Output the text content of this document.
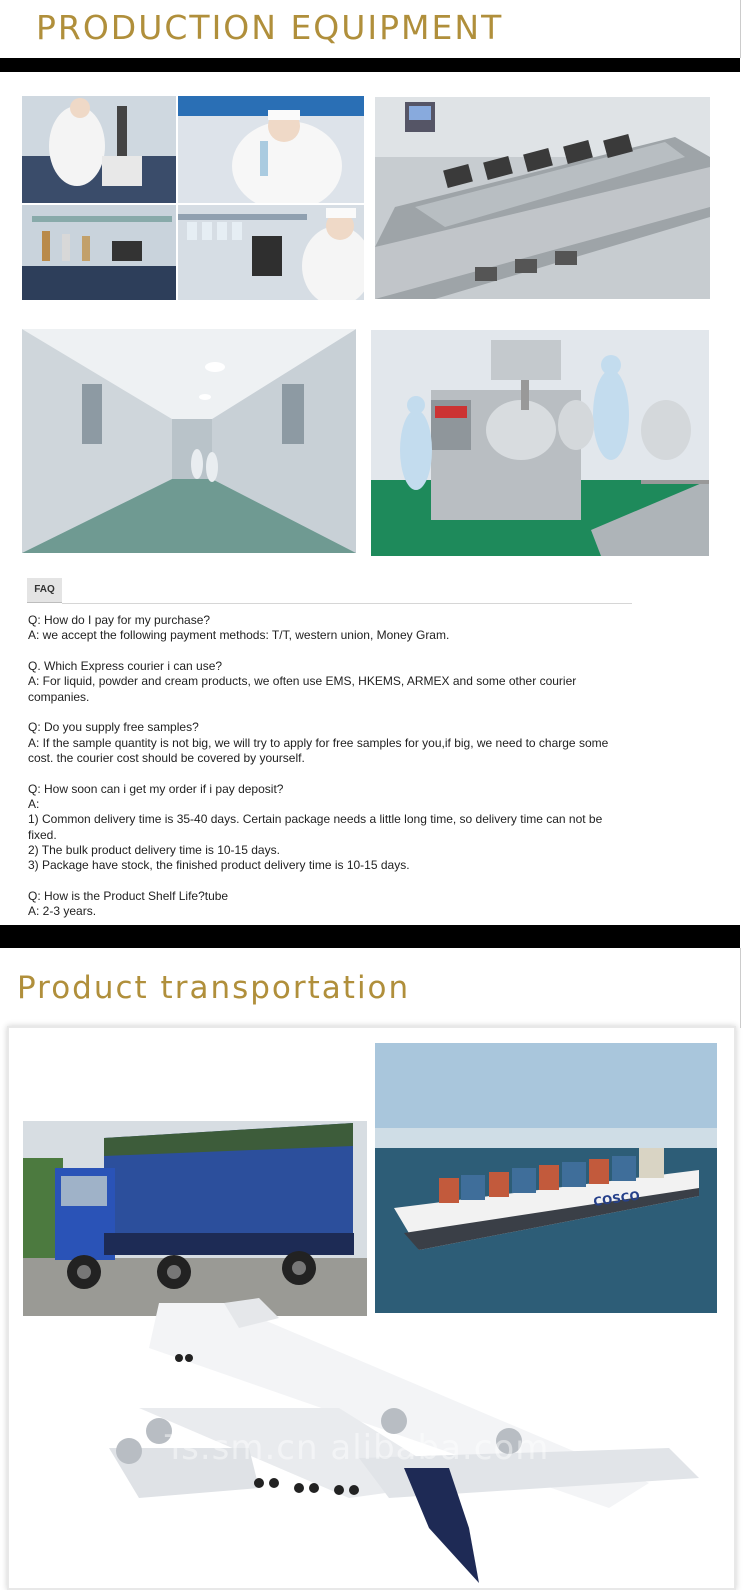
PRODUCTION EQUIPMENT
FAQ

Q: How do I pay for my purchase?

A: we accept the following payment methods: T/T, western union, Money Gram.

Q. Which Express courier i can use?

A: For liquid, powder and cream products, we often use EMS, HKEMS, ARMEX and some other courier companies.

Q: Do you supply free samples?

A: If the sample quantity is not big, we will try to apply for free samples for you,if big, we need to charge some cost. the courier cost should be covered by yourself.

Q: How soon can i get my order if i pay deposit?

A:

1) Common delivery time is 35-40 days. Certain package needs a little long time, so delivery time can not be fixed.

2) The bulk product delivery time is 10-15 days.

3) Package have stock, the finished product delivery time is 10-15 days.

Q: How is the Product Shelf Life?tube

A: 2-3 years.

Product transportation
COSCO
Ts.sm.cn alibaba.com
